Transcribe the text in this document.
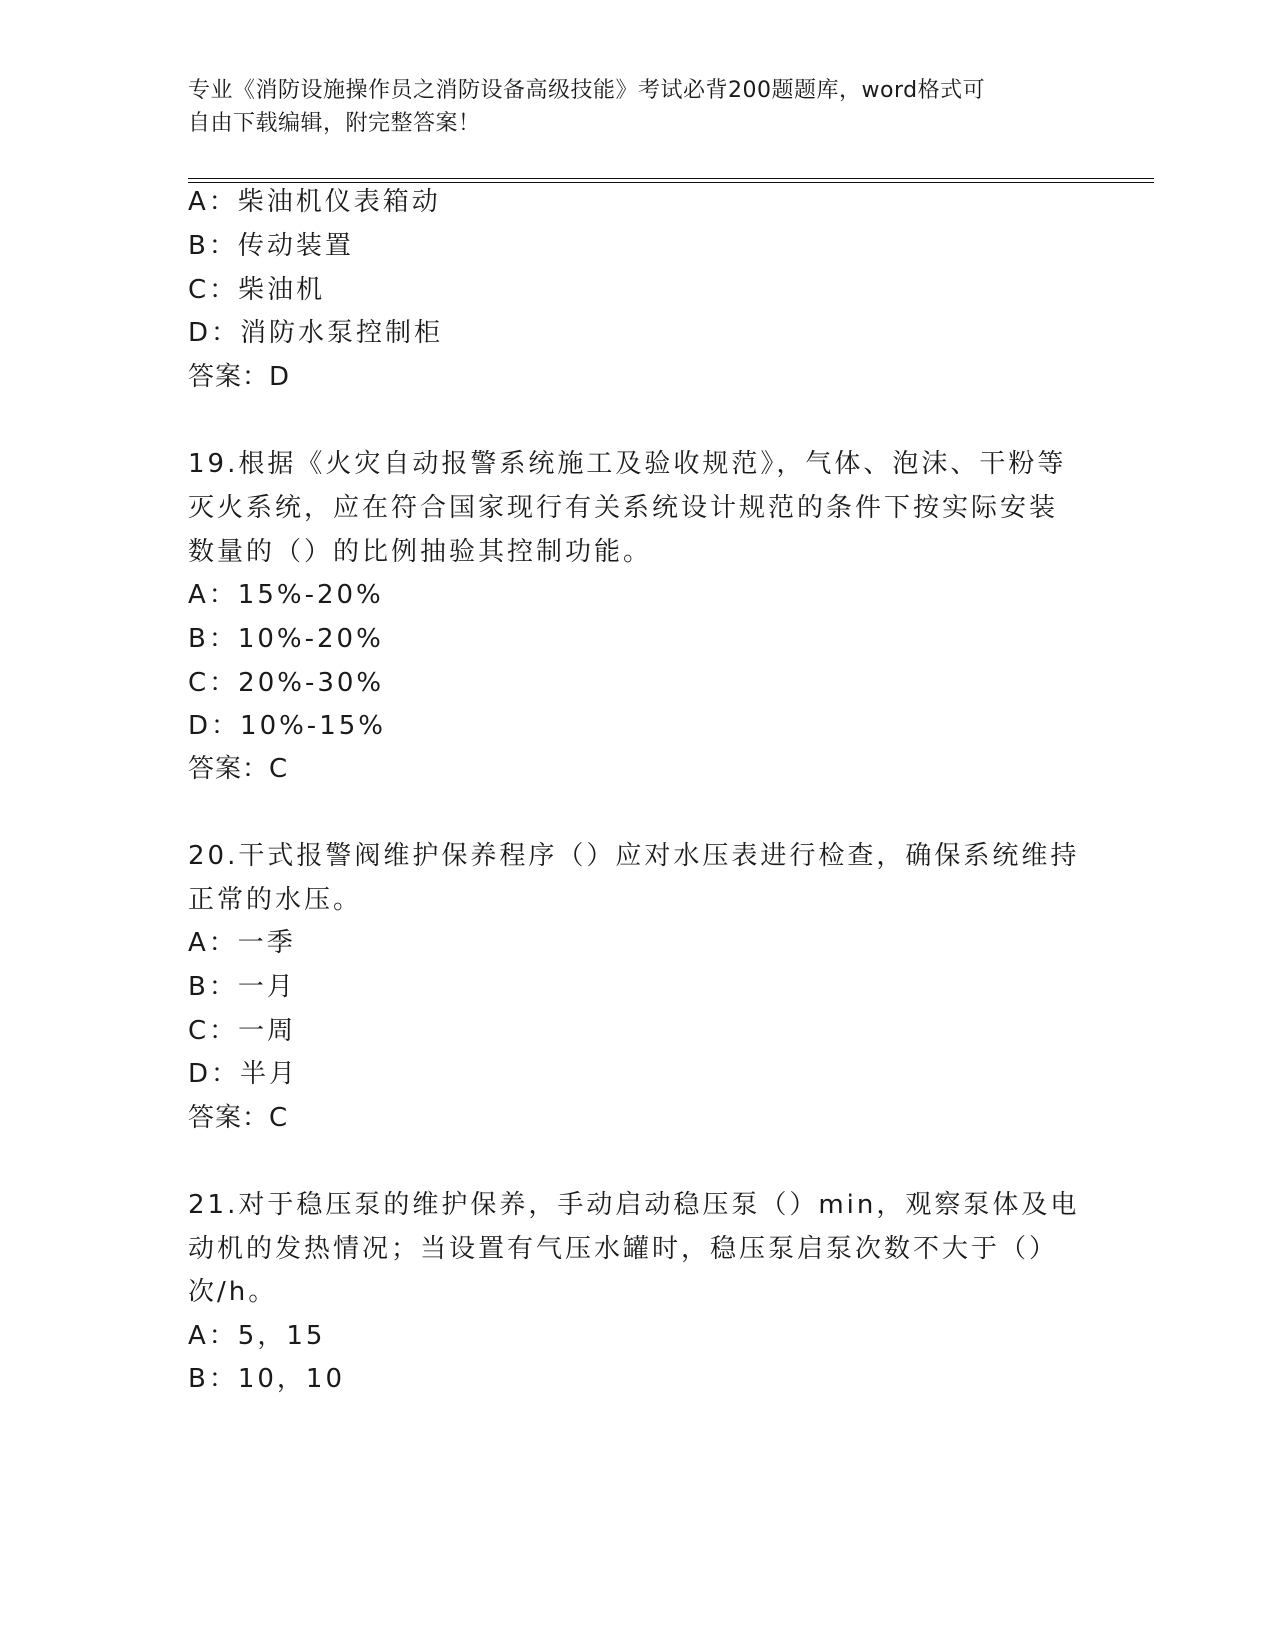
专业《消防设施操作员之消防设备高级技能》考试必背200题题库，word格式可
自由下载编辑，附完整答案！
A：柴油机仪表箱动
B：传动装置
C：柴油机
D：消防水泵控制柜
答案：D
19.根据《火灾自动报警系统施工及验收规范》，气体、泡沫、干粉等
灭火系统，应在符合国家现行有关系统设计规范的条件下按实际安装
数量的（）的比例抽验其控制功能。
A：15%-20%
B：10%-20%
C：20%-30%
D：10%-15%
答案：C
20.干式报警阀维护保养程序（）应对水压表进行检查，确保系统维持
正常的水压。
A：一季
B：一月
C：一周
D：半月
答案：C
21.对于稳压泵的维护保养，手动启动稳压泵（）min，观察泵体及电
动机的发热情况；当设置有气压水罐时，稳压泵启泵次数不大于（）
次/h。
A：5，15
B：10，10
